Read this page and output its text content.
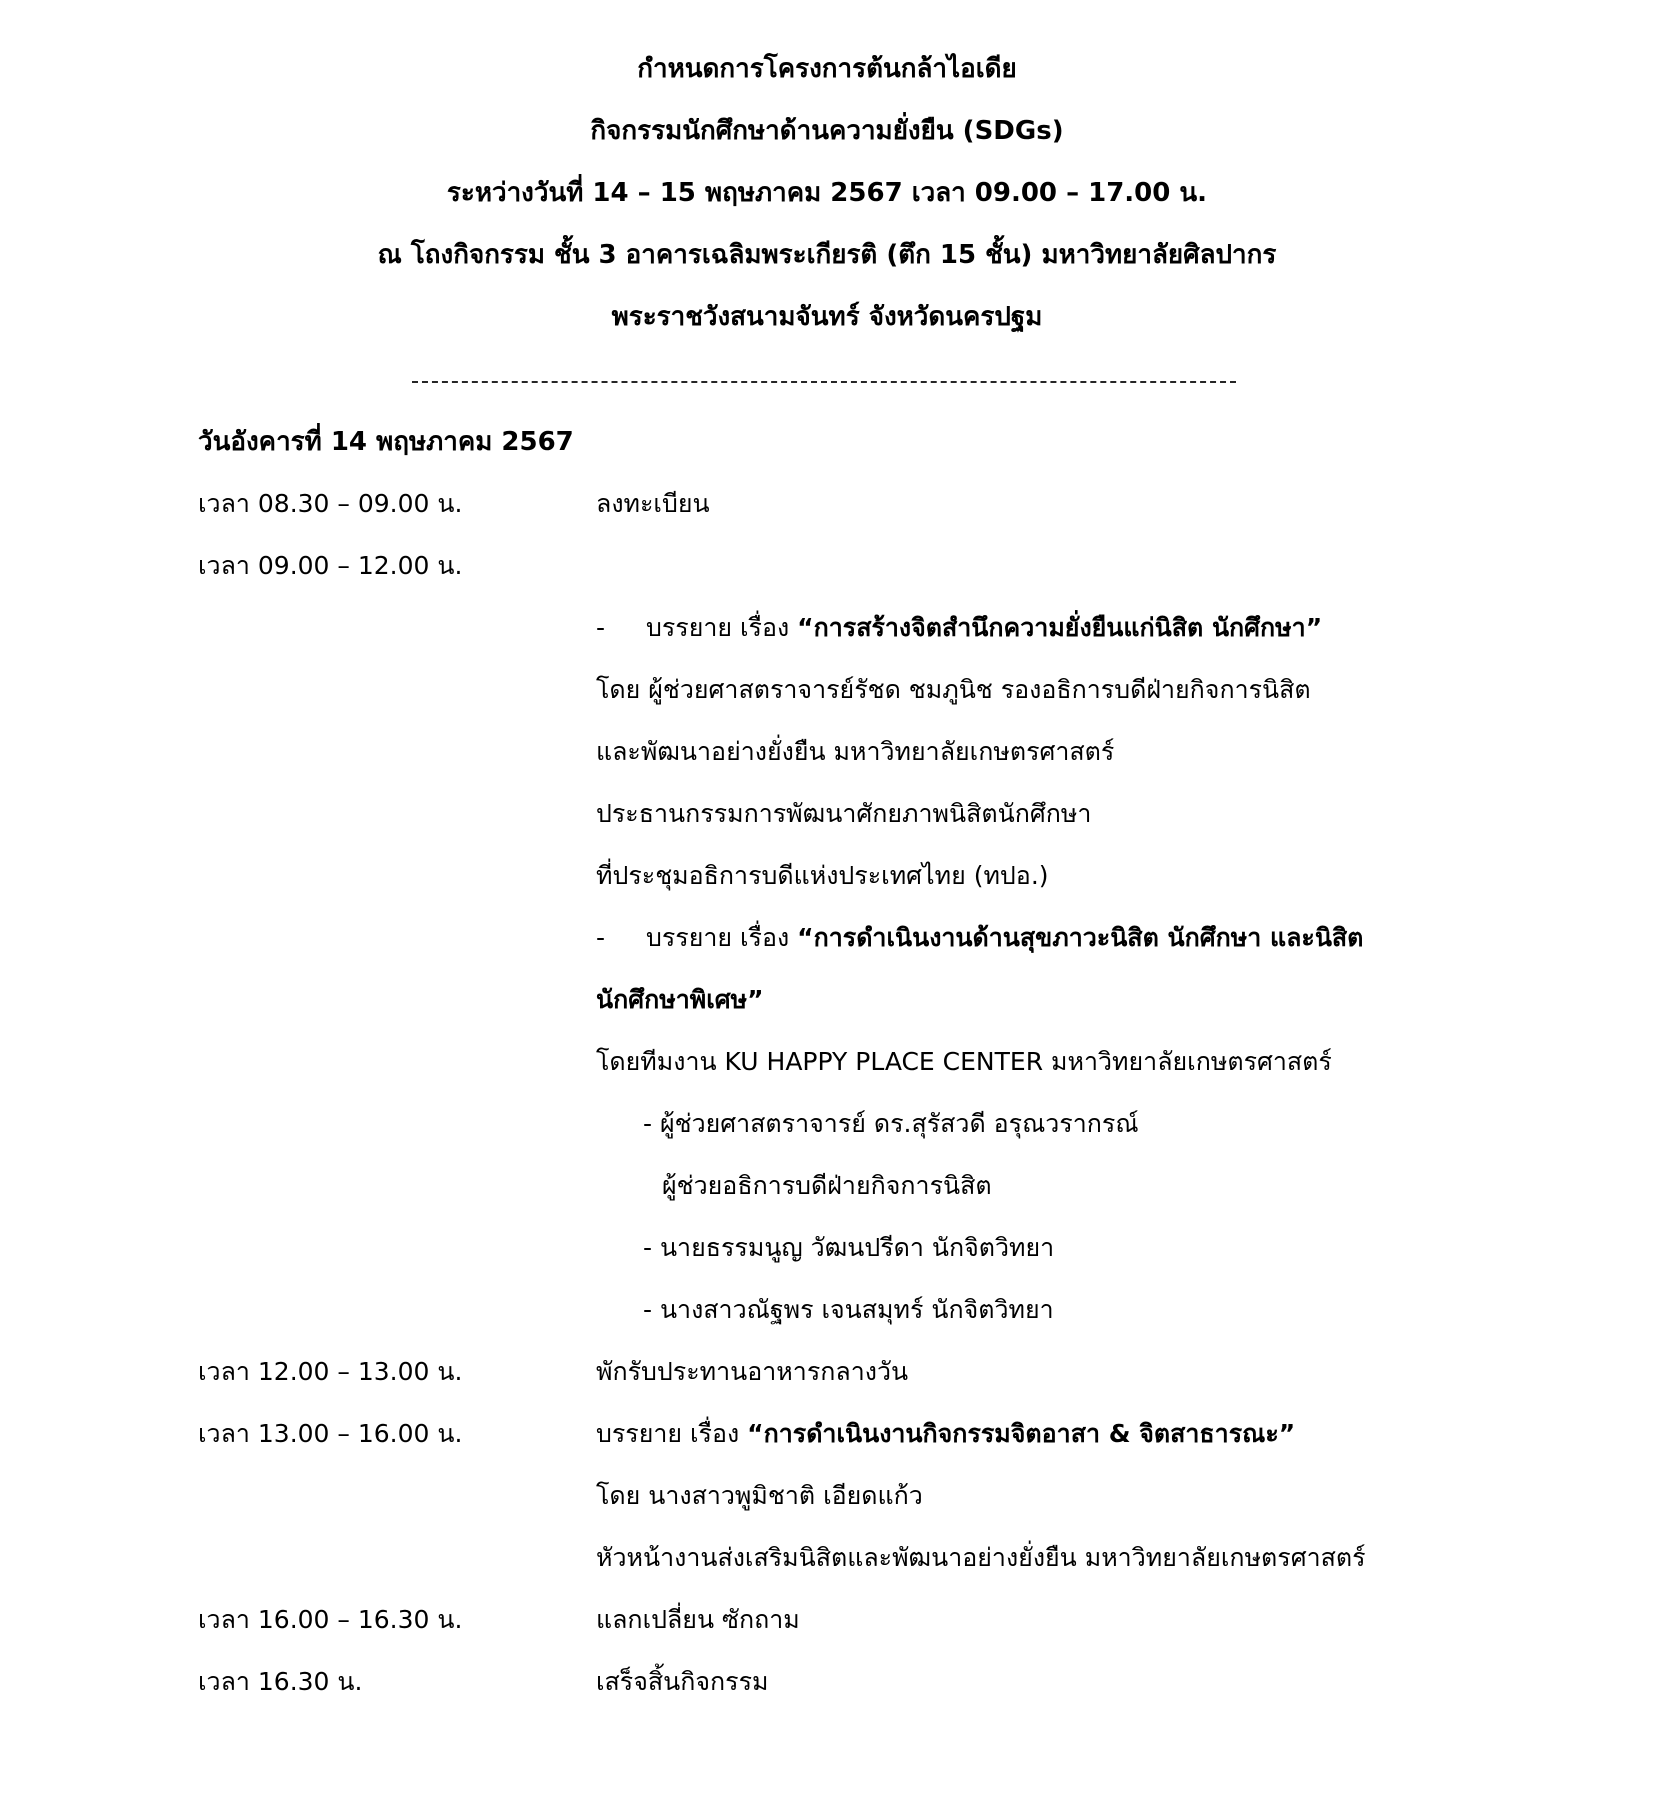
กำหนดการโครงการต้นกล้าไอเดีย
กิจกรรมนักศึกษาด้านความยั่งยืน (SDGs)
ระหว่างวันที่ 14 – 15 พฤษภาคม 2567 เวลา 09.00 – 17.00 น.
ณ โถงกิจกรรม ชั้น 3 อาคารเฉลิมพระเกียรติ (ตึก 15 ชั้น) มหาวิทยาลัยศิลปากร
พระราชวังสนามจันทร์ จังหวัดนครปฐม
วันอังคารที่ 14 พฤษภาคม 2567
เวลา 08.30 – 09.00 น.	ลงทะเบียน
เวลา 09.00 – 12.00 น.
- บรรยาย เรื่อง “การสร้างจิตสำนึกความยั่งยืนแก่นิสิต นักศึกษา”
โดย ผู้ช่วยศาสตราจารย์รัชด ชมภูนิช รองอธิการบดีฝ่ายกิจการนิสิต
และพัฒนาอย่างยั่งยืน มหาวิทยาลัยเกษตรศาสตร์
ประธานกรรมการพัฒนาศักยภาพนิสิตนักศึกษา
ที่ประชุมอธิการบดีแห่งประเทศไทย (ทปอ.)
- บรรยาย เรื่อง “การดำเนินงานด้านสุขภาวะนิสิต นักศึกษา และนิสิต
นักศึกษาพิเศษ”
โดยทีมงาน KU HAPPY PLACE CENTER มหาวิทยาลัยเกษตรศาสตร์
- ผู้ช่วยศาสตราจารย์ ดร.สุรัสวดี อรุณวรากรณ์
ผู้ช่วยอธิการบดีฝ่ายกิจการนิสิต
- นายธรรมนูญ วัฒนปรีดา นักจิตวิทยา
- นางสาวณัฐพร เจนสมุทร์ นักจิตวิทยา
เวลา 12.00 – 13.00 น.	พักรับประทานอาหารกลางวัน
เวลา 13.00 – 16.00 น.	บรรยาย เรื่อง “การดำเนินงานกิจกรรมจิตอาสา & จิตสาธารณะ”
โดย นางสาวพูมิชาติ เอียดแก้ว
หัวหน้างานส่งเสริมนิสิตและพัฒนาอย่างยั่งยืน มหาวิทยาลัยเกษตรศาสตร์
เวลา 16.00 – 16.30 น.	แลกเปลี่ยน ซักถาม
เวลา 16.30 น.	เสร็จสิ้นกิจกรรม
